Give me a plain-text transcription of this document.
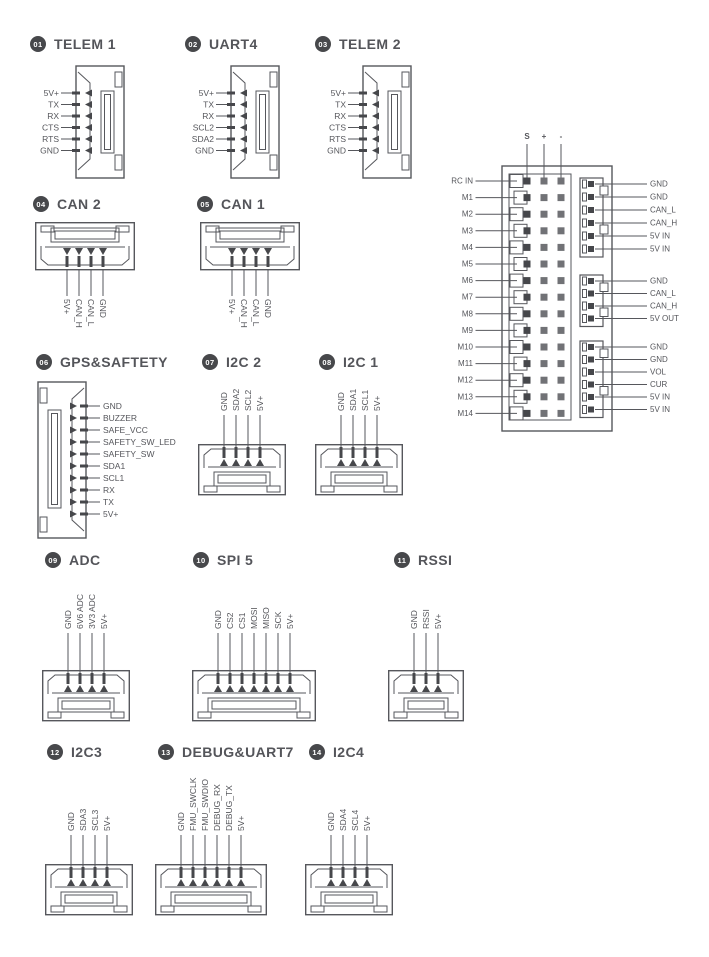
01 TELEM 1
5V+
TX
RX
CTS
RTS
GND
02 UART4
5V+
TX
RX
SCL2
SDA2
GND
03 TELEM 2
5V+
TX
RX
CTS
RTS
GND
04 CAN 2
5V+ CAN_H CAN_L GND
05 CAN 1
5V+ CAN_H CAN_L GND
06 GPS&SAFTETY
GND
BUZZER
SAFE_VCC
SAFETY_SW_LED
SAFETY_SW
SDA1
SCL1
RX
TX
5V+
07 I2C 2
GND SDA2 SCL2 5V+
08 I2C 1
GND SDA1 SCL1 5V+
09 ADC
GND 6V6 ADC 3V3 ADC 5V+
10 SPI 5
GND CS2 CS1 MOSI MISO SCK 5V+
11 RSSI
GND RSSI 5V+
12 I2C3
GND SDA3 SCL3 5V+
13 DEBUG&UART7
GND FMU_SWCLK FMU_SWDIO DEBUG_RX DEBUG_TX 5V+
14 I2C4
GND SDA4 SCL4 5V+
S + -
RC IN
M1
M2
M3
M4
M5
M6
M7
M8
M9
M10
M11
M12
M13
M14
GND
GND
CAN_L
CAN_H
5V IN
5V IN
GND
CAN_L
CAN_H
5V OUT
GND
GND
VOL
CUR
5V IN
5V IN
